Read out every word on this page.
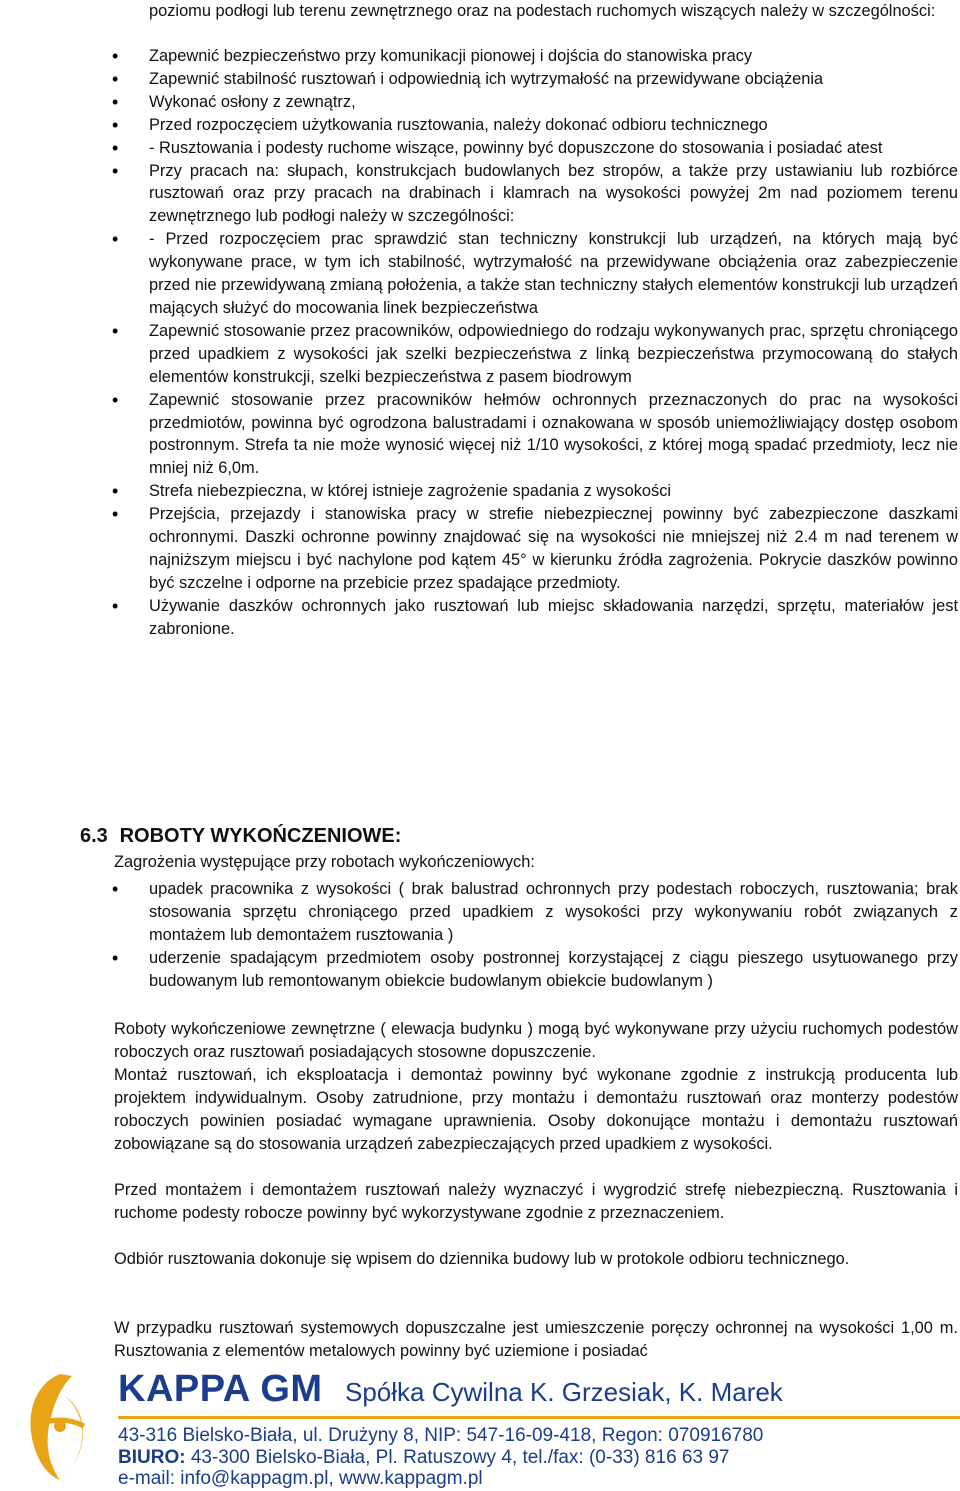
poziomu podłogi lub terenu zewnętrznego oraz na podestach ruchomych wiszących należy w szczególności:
• Zapewnić bezpieczeństwo przy komunikacji pionowej i dojścia do stanowiska pracy
• Zapewnić stabilność rusztowań i odpowiednią ich wytrzymałość na przewidywane obciążenia
• Wykonać osłony z zewnątrz,
• Przed rozpoczęciem użytkowania rusztowania, należy dokonać odbioru technicznego
• - Rusztowania i podesty ruchome wiszące, powinny być dopuszczone do stosowania i posiadać atest
• Przy pracach na: słupach, konstrukcjach budowlanych bez stropów, a także przy ustawianiu lub rozbiórce rusztowań oraz przy pracach na drabinach i klamrach na wysokości powyżej 2m nad poziomem terenu zewnętrznego lub podłogi należy w szczególności:
• - Przed rozpoczęciem prac sprawdzić stan techniczny konstrukcji lub urządzeń, na których mają być wykonywane prace, w tym ich stabilność, wytrzymałość na przewidywane obciążenia oraz zabezpieczenie przed nie przewidywaną zmianą położenia, a także stan techniczny stałych elementów konstrukcji lub urządzeń mających służyć do mocowania linek bezpieczeństwa
• Zapewnić stosowanie przez pracowników, odpowiedniego do rodzaju wykonywanych prac, sprzętu chroniącego przed upadkiem z wysokości jak szelki bezpieczeństwa z linką bezpieczeństwa przymocowaną do stałych elementów konstrukcji, szelki bezpieczeństwa z pasem biodrowym
• Zapewnić stosowanie przez pracowników hełmów ochronnych przeznaczonych do prac na wysokości przedmiotów, powinna być ogrodzona balustradami i oznakowana w sposób uniemożliwiający dostęp osobom postronnym. Strefa ta nie może wynosić więcej niż 1/10 wysokości, z której mogą spadać przedmioty, lecz nie mniej niż 6,0m.
• Strefa niebezpieczna, w której istnieje zagrożenie spadania z wysokości
• Przejścia, przejazdy i stanowiska pracy w strefie niebezpiecznej powinny być zabezpieczone daszkami ochronnymi. Daszki ochronne powinny znajdować się na wysokości nie mniejszej niż 2.4 m nad terenem w najniższym miejscu i być nachylone pod kątem 45° w kierunku źródła zagrożenia. Pokrycie daszków powinno być szczelne i odporne na przebicie przez spadające przedmioty.
• Używanie daszków ochronnych jako rusztowań lub miejsc składowania narzędzi, sprzętu, materiałów jest zabronione.
6.3 ROBOTY WYKOŃCZENIOWE:
Zagrożenia występujące przy robotach wykończeniowych:
• upadek pracownika z wysokości ( brak balustrad ochronnych przy podestach roboczych, rusztowania; brak stosowania sprzętu chroniącego przed upadkiem z wysokości przy wykonywaniu robót związanych z montażem lub demontażem rusztowania )
• uderzenie spadającym przedmiotem osoby postronnej korzystającej z ciągu pieszego usytuowanego przy budowanym lub remontowanym obiekcie budowlanym obiekcie budowlanym )
Roboty wykończeniowe zewnętrzne ( elewacja budynku ) mogą być wykonywane przy użyciu ruchomych podestów roboczych oraz rusztowań posiadających stosowne dopuszczenie.
Montaż rusztowań, ich eksploatacja i demontaż powinny być wykonane zgodnie z instrukcją producenta lub projektem indywidualnym. Osoby zatrudnione, przy montażu i demontażu rusztowań oraz monterzy podestów roboczych powinien posiadać wymagane uprawnienia. Osoby dokonujące montażu i demontażu rusztowań zobowiązane są do stosowania urządzeń zabezpieczających przed upadkiem z wysokości.
Przed montażem i demontażem rusztowań należy wyznaczyć i wygrodzić strefę niebezpieczną. Rusztowania i ruchome podesty robocze powinny być wykorzystywane zgodnie z przeznaczeniem.
Odbiór rusztowania dokonuje się wpisem do dziennika budowy lub w protokole odbioru technicznego.
W przypadku rusztowań systemowych dopuszczalne jest umieszczenie poręczy ochronnej na wysokości 1,00 m. Rusztowania z elementów metalowych powinny być uziemione i posiadać
KAPPA GM Spółka Cywilna K. Grzesiak, K. Marek
43-316 Bielsko-Biała, ul. Drużyny 8, NIP: 547-16-09-418, Regon: 070916780
BIURO: 43-300 Bielsko-Biała, Pl. Ratuszowy 4, tel./fax: (0-33) 816 63 97
e-mail: info@kappagm.pl, www.kappagm.pl
